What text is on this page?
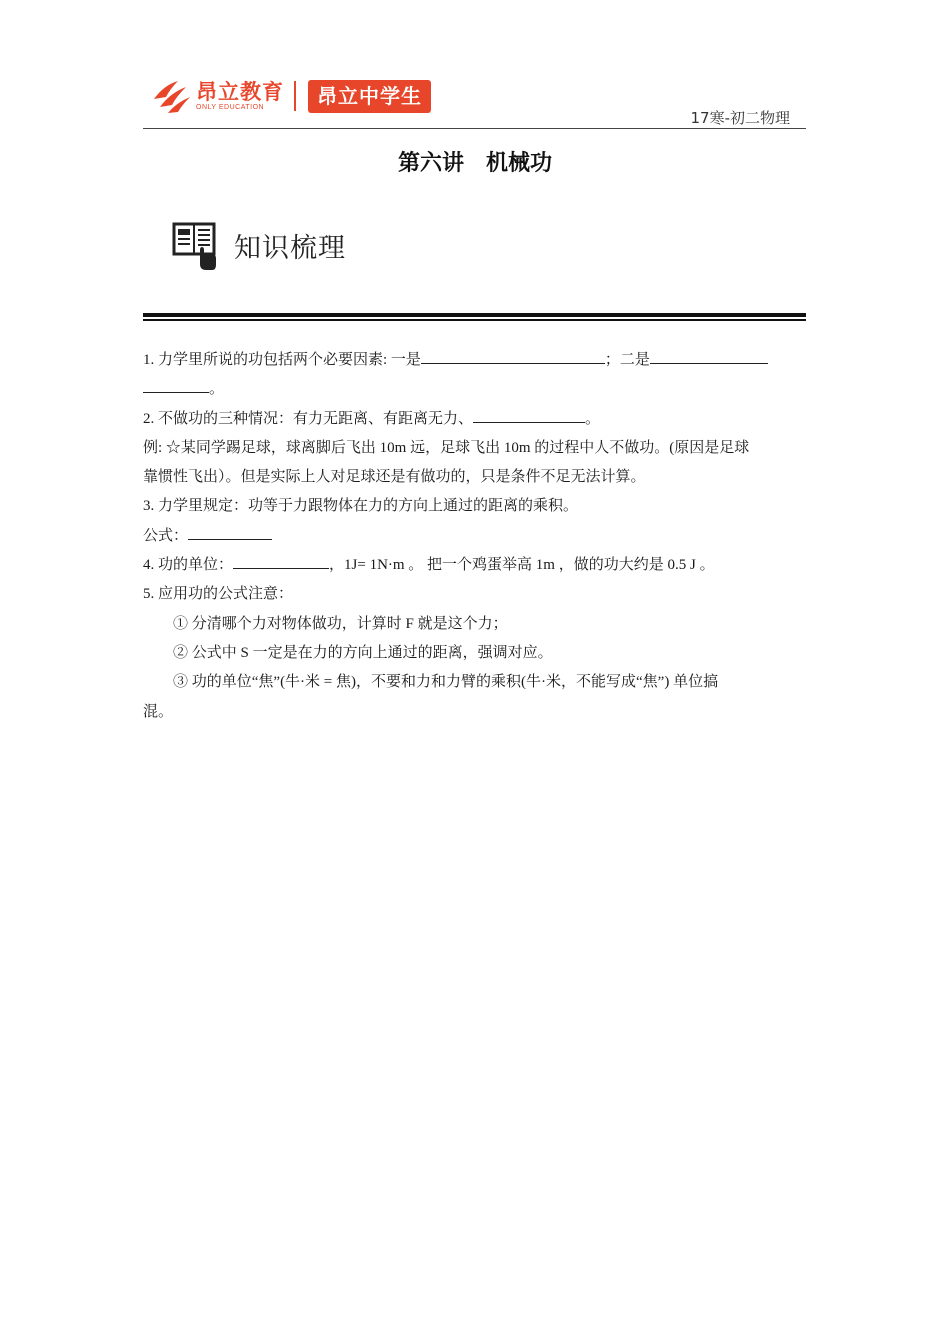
昂立教育
ONLY EDUCATION	昂立中学生
17寒-初二物理
第六讲　机械功
知识梳理

1. 力学里所说的功包括两个必要因素: 一是	；二是

。

2. 不做功的三种情况：有力无距离、有距离无力、	。

例: ☆某同学踢足球，球离脚后飞出 10m 远，足球飞出 10m 的过程中人不做功。(原因是足球

靠惯性飞出）。但是实际上人对足球还是有做功的，只是条件不足无法计算。

3. 力学里规定：功等于力跟物体在力的方向上通过的距离的乘积。

公式：

4. 功的单位：	，1J= 1N·m 。 把一个鸡蛋举高 1m ，做的功大约是 0.5 J 。

5. 应用功的公式注意：

① 分清哪个力对物体做功，计算时 F 就是这个力；

② 公式中 S 一定是在力的方向上通过的距离，强调对应。

③ 功的单位“焦”(牛·米 = 焦)，不要和力和力臂的乘积(牛·米，不能写成“焦”) 单位搞

混。
